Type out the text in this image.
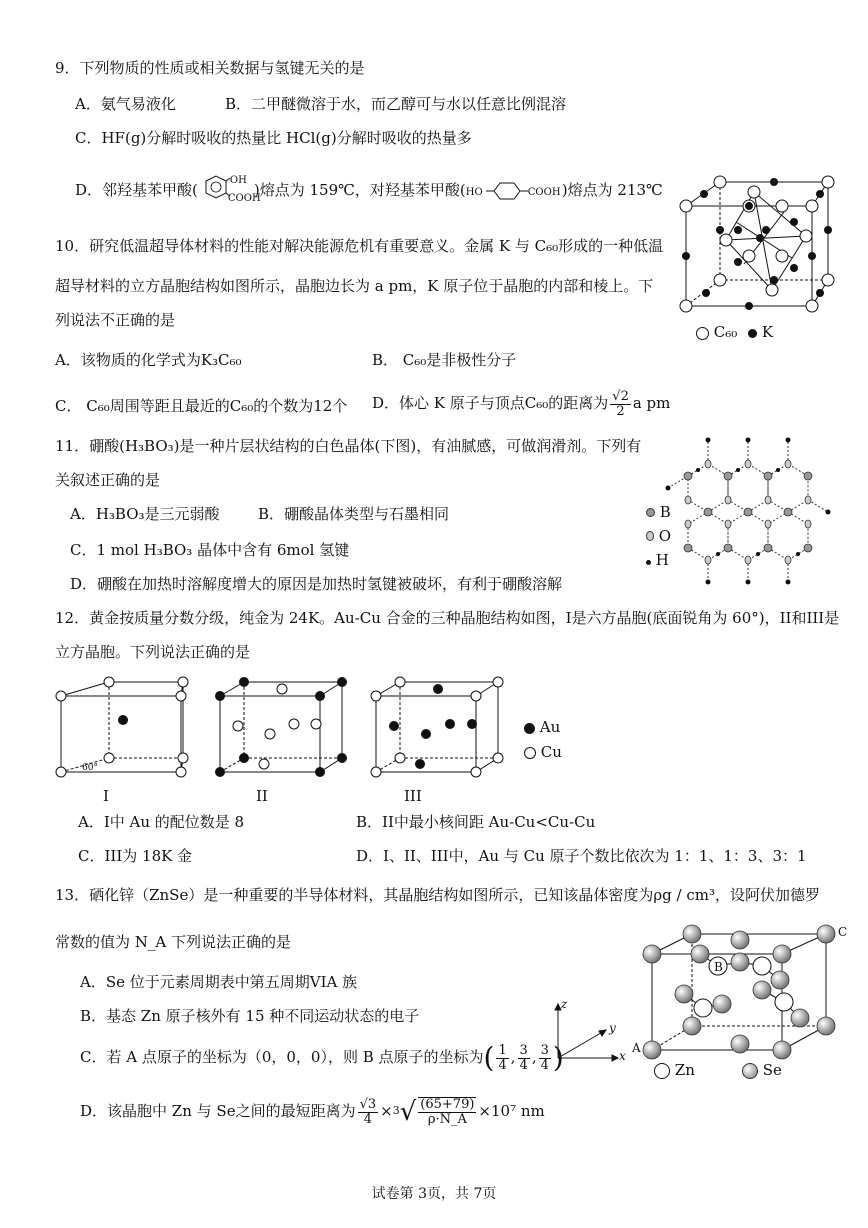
9．下列物质的性质或相关数据与氢键无关的是
A．氨气易液化	B．二甲醚微溶于水，而乙醇可与水以任意比例混溶
C．HF(g)分解时吸收的热量比 HCl(g)分解时吸收的热量多
D．邻羟基苯甲酸(
OH
COOH
)熔点为 159℃，对羟基苯甲酸( HO	COOH )熔点为 213℃
C₆₀ K
10．研究低温超导体材料的性能对解决能源危机有重要意义。金属 K 与 C₆₀形成的一种低温
超导材料的立方晶胞结构如图所示，晶胞边长为 a pm，K 原子位于晶胞的内部和棱上。下
列说法不正确的是
A．该物质的化学式为K₃C₆₀	B． C₆₀是非极性分子
C． C₆₀周围等距且最近的C₆₀的个数为12个 D．体心 K 原子与顶点C₆₀的距离为 $\frac{√2}{2}$ a pm
B
O
H
11．硼酸(H₃BO₃)是一种片层状结构的白色晶体(下图)，有油腻感，可做润滑剂。下列有
关叙述正确的是
A．H₃BO₃是三元弱酸	B．硼酸晶体类型与石墨相同
C．1 mol H₃BO₃ 晶体中含有 6mol 氢键
D．硼酸在加热时溶解度增大的原因是加热时氢键被破坏，有利于硼酸溶解
12．黄金按质量分数分级，纯金为 24K。Au-Cu 合金的三种晶胞结构如图，I是六方晶胞(底面锐角为 60°)，II和III是
立方晶胞。下列说法正确的是
60°
I	II	III
Au
Cu
A．I中 Au 的配位数是 8	B．II中最小核间距 Au-Cu<Cu-Cu
C．III为 18K 金	D．I、II、III中，Au 与 Cu 原子个数比依次为 1：1、1：3、3：1
13．硒化锌（ZnSe）是一种重要的半导体材料，其晶胞结构如图所示，已知该晶体密度为ρg / cm³，设阿伏加德罗
常数的值为 N_A 下列说法正确的是
A．Se 位于元素周期表中第五周期VIA 族
B．基态 Zn 原子核外有 15 种不同运动状态的电子
C．若 A 点原子的坐标为（0，0，0），则 B 点原子的坐标为( $\frac{1}{4}$ , $\frac{3}{4}$ , $\frac{3}{4}$ )
D．该晶胞中 Zn 与 Se之间的最短距离为 $\frac{√3}{4} \times^3√ \frac{(65+79)}{\rho\cdot N\_A} \times 10^7$ nm
A
B
C
x
y
z
Zn	Se
试卷第 3页，共 7页
